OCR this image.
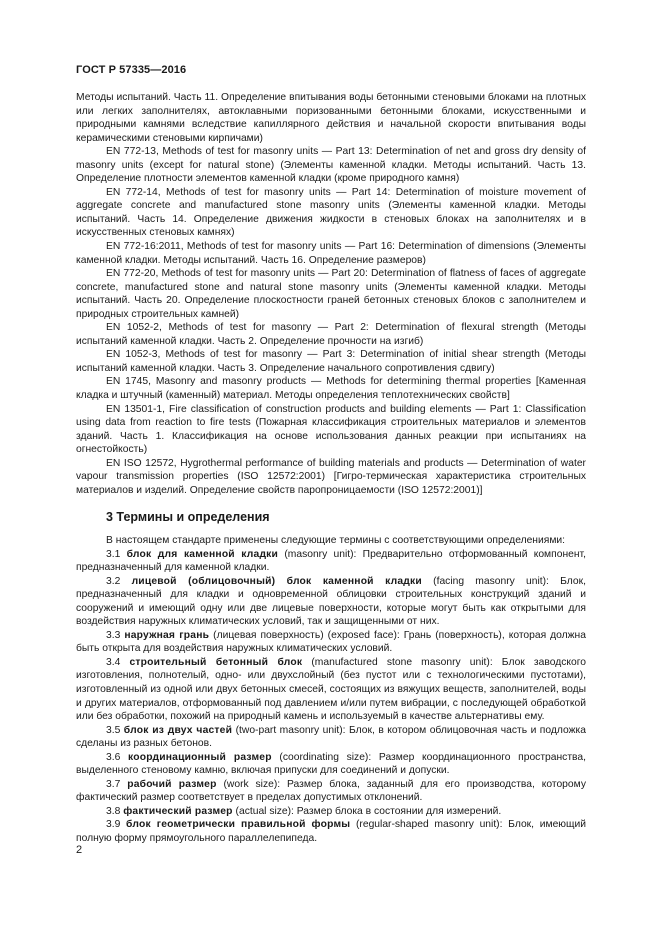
ГОСТ Р 57335—2016

Методы испытаний. Часть 11. Определение впитывания воды бетонными стеновыми блоками на плотных или легких заполнителях, автоклавными поризованными бетонными блоками, искусственными и природными камнями вследствие капиллярного действия и начальной скорости впитывания воды керамическими стеновыми кирпичами)

EN 772-13, Methods of test for masonry units — Part 13: Determination of net and gross dry density of masonry units (except for natural stone) (Элементы каменной кладки. Методы испытаний. Часть 13. Определение плотности элементов каменной кладки (кроме природного камня)

EN 772-14, Methods of test for masonry units — Part 14: Determination of moisture movement of aggregate concrete and manufactured stone masonry units (Элементы каменной кладки. Методы испытаний. Часть 14. Определение движения жидкости в стеновых блоках на заполнителях и в искусственных стеновых камнях)

EN 772-16:2011, Methods of test for masonry units — Part 16: Determination of dimensions (Элементы каменной кладки. Методы испытаний. Часть 16. Определение размеров)

EN 772-20, Methods of test for masonry units — Part 20: Determination of flatness of faces of aggregate concrete, manufactured stone and natural stone masonry units (Элементы каменной кладки. Методы испытаний. Часть 20. Определение плоскостности граней бетонных стеновых блоков с заполнителем и природных строительных камней)

EN 1052-2, Methods of test for masonry — Part 2: Determination of flexural strength (Методы испытаний каменной кладки. Часть 2. Определение прочности на изгиб)

EN 1052-3, Methods of test for masonry — Part 3: Determination of initial shear strength (Методы испытаний каменной кладки. Часть 3. Определение начального сопротивления сдвигу)

EN 1745, Masonry and masonry products — Methods for determining thermal properties [Каменная кладка и штучный (каменный) материал. Методы определения теплотехнических свойств]

EN 13501-1, Fire classification of construction products and building elements — Part 1: Classification using data from reaction to fire tests (Пожарная классификация строительных материалов и элементов зданий. Часть 1. Классификация на основе использования данных реакции при испытаниях на огнестойкость)

EN ISO 12572, Hygrothermal performance of building materials and products — Determination of water vapour transmission properties (ISO 12572:2001) [Гигро-термическая характеристика строительных материалов и изделий. Определение свойств паропроницаемости (ISO 12572:2001)]

3 Термины и определения

В настоящем стандарте применены следующие термины с соответствующими определениями:

3.1 блок для каменной кладки (masonry unit): Предварительно отформованный компонент, предназначенный для каменной кладки.

3.2 лицевой (облицовочный) блок каменной кладки (facing masonry unit): Блок, предназначенный для кладки и одновременной облицовки строительных конструкций зданий и сооружений и имеющий одну или две лицевые поверхности, которые могут быть как открытыми для воздействия наружных климатических условий, так и защищенными от них.

3.3 наружная грань (лицевая поверхность) (exposed face): Грань (поверхность), которая должна быть открыта для воздействия наружных климатических условий.

3.4 строительный бетонный блок (manufactured stone masonry unit): Блок заводского изготовления, полнотелый, одно- или двухслойный (без пустот или с технологическими пустотами), изготовленный из одной или двух бетонных смесей, состоящих из вяжущих веществ, заполнителей, воды и других материалов, отформованный под давлением и/или путем вибрации, с последующей обработкой или без обработки, похожий на природный камень и используемый в качестве альтернативы ему.

3.5 блок из двух частей (two-part masonry unit): Блок, в котором облицовочная часть и подложка сделаны из разных бетонов.

3.6 координационный размер (coordinating size): Размер координационного пространства, выделенного стеновому камню, включая припуски для соединений и допуски.

3.7 рабочий размер (work size): Размер блока, заданный для его производства, которому фактический размер соответствует в пределах допустимых отклонений.

3.8 фактический размер (actual size): Размер блока в состоянии для измерений.

3.9 блок геометрически правильной формы (regular-shaped masonry unit): Блок, имеющий полную форму прямоугольного параллелепипеда.

2
